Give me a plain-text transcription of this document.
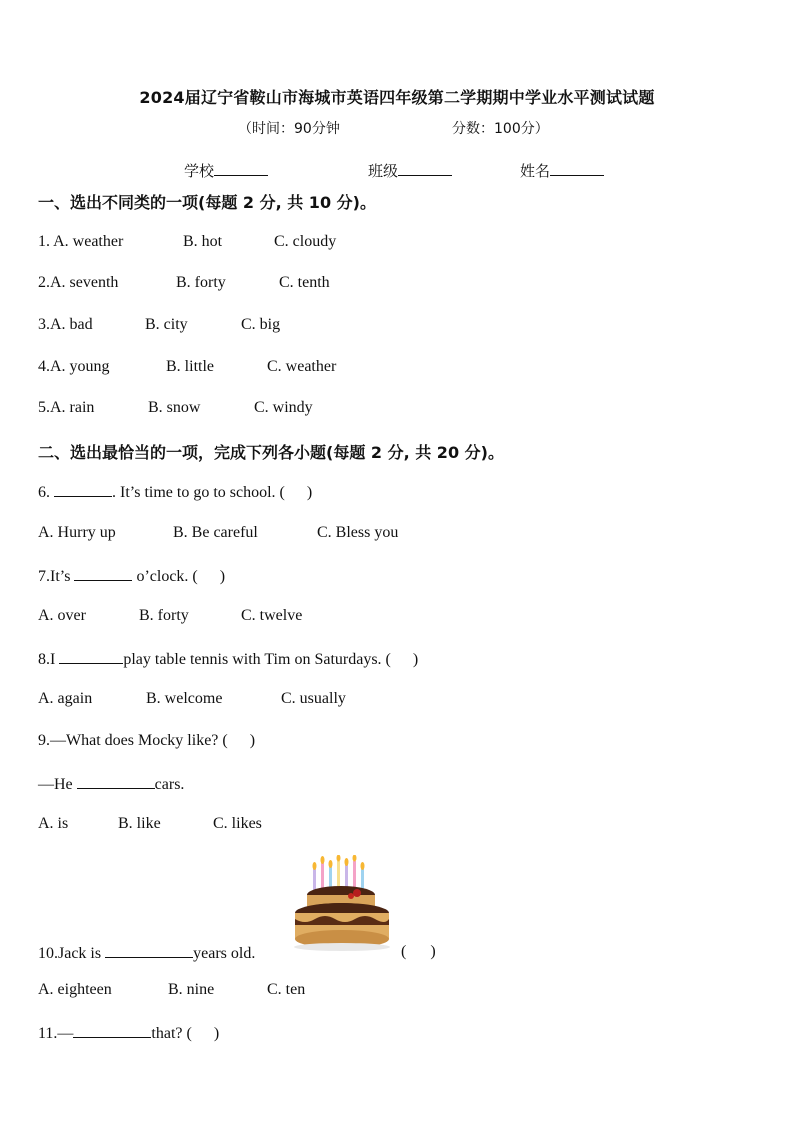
2024届辽宁省鞍山市海城市英语四年级第二学期期中学业水平测试试题
（时间：90分钟	分数：100分）
学校	班级	姓名
一、选出不同类的一项(每题 2 分, 共 10 分)。
1. A. weather	B. hot	C. cloudy
2.A. seventh	B. forty	C. tenth
3.A. bad	B. city	C. big
4.A. young	B. little	C. weather
5.A. rain	B. snow	C. windy
二、选出最恰当的一项，完成下列各小题(每题 2 分, 共 20 分)。
6.	. It’s time to go to school. ( )
A. Hurry up	B. Be careful	C. Bless you
7.It’s	o’clock. ( )
A. over	B. forty	C. twelve
8.I	play table tennis with Tim on Saturdays. ( )
A. again	B. welcome	C. usually
9.—What does Mocky like? ( )
—He	cars.
A. is	B. like	C. likes
10.Jack is	years old.	( )
A. eighteen	B. nine	C. ten
11.—	that? ( )
